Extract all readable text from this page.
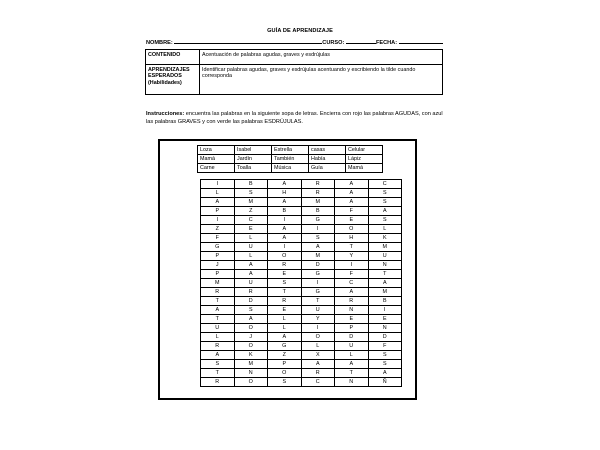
GUÍA DE APRENDIZAJE
NOMBRE:	CURSO:	FECHA:
CONTENIDO	Acentuación de palabras agudas, graves y esdrújulas
APRENDIZAJES ESPERADOS (Habilidades)	Identificar palabras agudas, graves y esdrújulas acentuando y escribiendo la tilde cuando corresponda
Instrucciones: encuentra las palabras en la siguiente sopa de letras. Encierra con rojo las palabras AGUDAS, con azul las palabras GRAVES y con verde las palabras ESDRÚJULAS.
Loza	Isabel	Estrella	casas	Celular
Mamá	Jardín	También	Había	Lápiz
Carne	Toalla	Música	Guía	Mamá
I	B	A	R	A	C
L	S	H	R	A	S
A	M	A	M	A	S
P	Z	B	B	F	A
I	C	I	G	E	S
Z	E	A	I	O	L
F	L	A	S	H	K
G	U	I	A	T	M
P	L	O	M	Y	U
J	A	R	D	I	N
P	A	E	G	F	T
M	U	S	I	C	A
R	R	T	G	A	M
T	D	R	T	R	B
A	S	E	U	N	I
T	A	L	Y	E	E
U	O	L	I	P	N
L	J	A	O	D	D
R	O	G	L	U	F
A	K	Z	X	L	S
S	M	P	A	A	S
T	N	O	R	T	A
R	O	S	C	N	Ñ
